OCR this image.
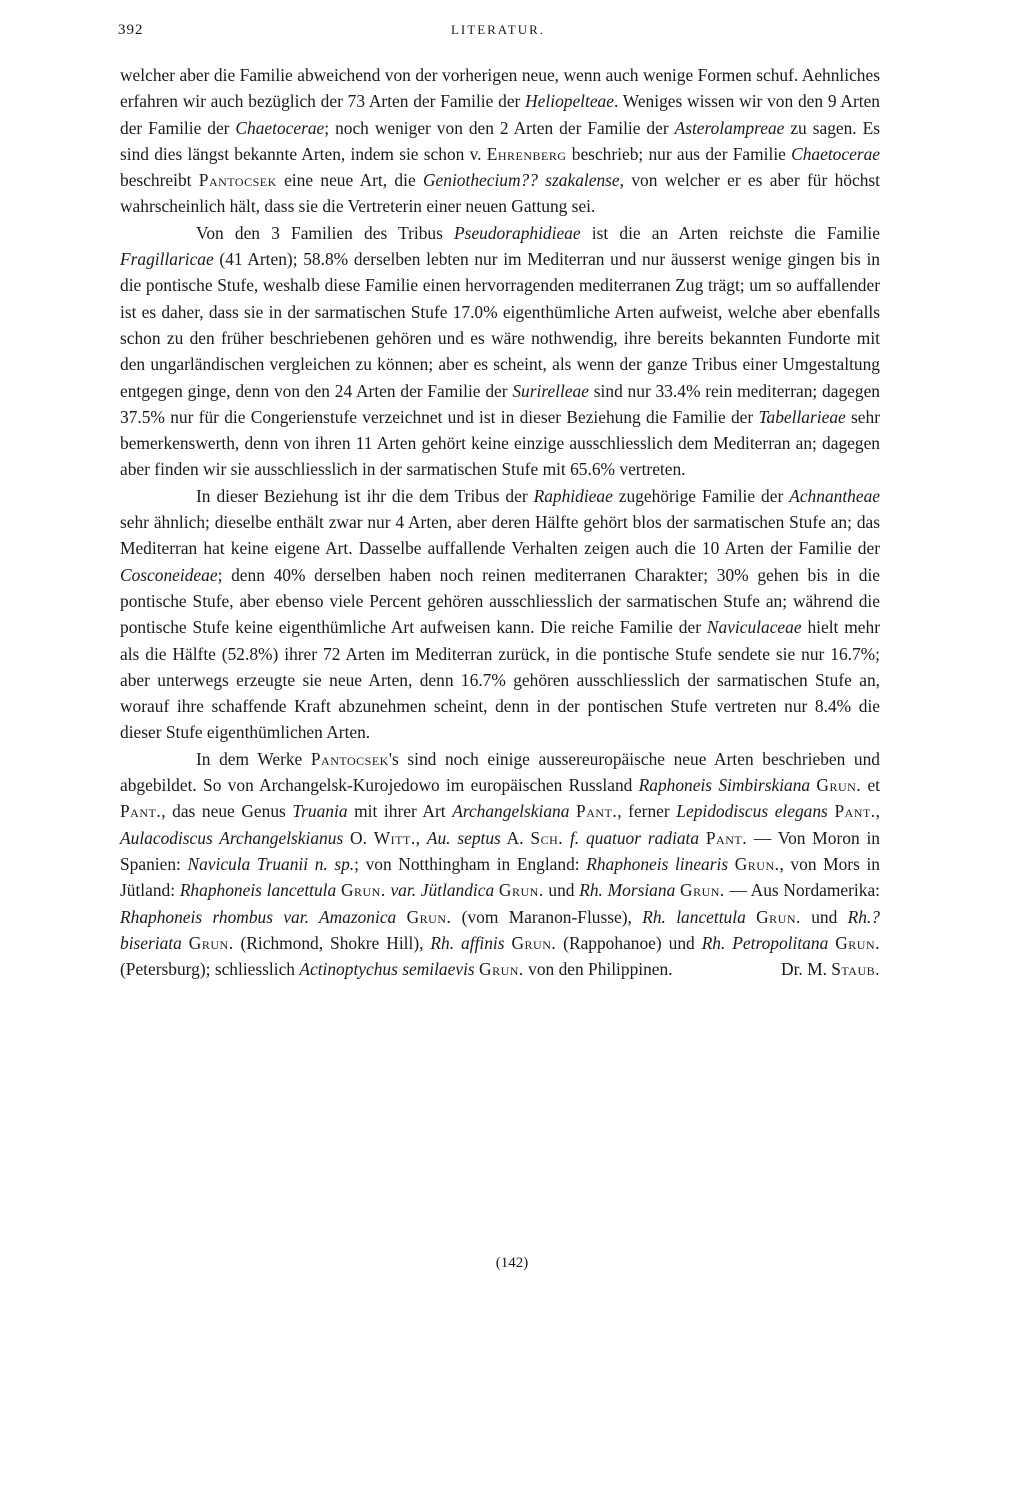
392	LITERATUR.

welcher aber die Familie abweichend von der vorherigen neue, wenn auch wenige Formen schuf. Aehnliches erfahren wir auch bezüglich der 73 Arten der Familie der Heliopelteae. Weniges wissen wir von den 9 Arten der Familie der Chaetoceraе; noch weniger von den 2 Arten der Familie der Asterolampreae zu sagen. Es sind dies längst bekannte Arten, indem sie schon v. Ehrenberg beschrieb; nur aus der Familie Chaetocerae beschreibt Pantocsek eine neue Art, die Geniothecium?? szakalense, von welcher er es aber für höchst wahrscheinlich hält, dass sie die Vertreterin einer neuen Gattung sei.

Von den 3 Familien des Tribus Pseudoraphidieae ist die an Arten reichste die Familie Fragillaricae (41 Arten); 58.8% derselben lebten nur im Mediterran und nur äusserst wenige gingen bis in die pontische Stufe, weshalb diese Familie einen hervorragenden mediterranen Zug trägt; um so auffallender ist es daher, dass sie in der sarmatischen Stufe 17.0% eigenthümliche Arten aufweist, welche aber ebenfalls schon zu den früher beschriebenen gehören und es wäre nothwendig, ihre bereits bekannten Fundorte mit den ungarländischen vergleichen zu können; aber es scheint, als wenn der ganze Tribus einer Umgestaltung entgegen ginge, denn von den 24 Arten der Familie der Surirelleae sind nur 33.4% rein mediterran; dagegen 37.5% nur für die Congerienstufe verzeichnet und ist in dieser Beziehung die Familie der Tabellarieae sehr bemerkenswerth, denn von ihren 11 Arten gehört keine einzige ausschliesslich dem Mediterran an; dagegen aber finden wir sie ausschliesslich in der sarmatischen Stufe mit 65.6% vertreten.

In dieser Beziehung ist ihr die dem Tribus der Raphidieae zugehörige Familie der Achnantheae sehr ähnlich; dieselbe enthält zwar nur 4 Arten, aber deren Hälfte gehört blos der sarmatischen Stufe an; das Mediterran hat keine eigene Art. Dasselbe auffallende Verhalten zeigen auch die 10 Arten der Familie der Cosconeideae; denn 40% derselben haben noch reinen mediterranen Charakter; 30% gehen bis in die pontische Stufe, aber ebenso viele Percent gehören ausschliesslich der sarmatischen Stufe an; während die pontische Stufe keine eigenthümliche Art aufweisen kann. Die reiche Familie der Naviculaceae hielt mehr als die Hälfte (52.8%) ihrer 72 Arten im Mediterran zurück, in die pontische Stufe sendete sie nur 16.7%; aber unterwegs erzeugte sie neue Arten, denn 16.7% gehören ausschliesslich der sarmatischen Stufe an, worauf ihre schaffende Kraft abzunehmen scheint, denn in der pontischen Stufe vertreten nur 8.4% die dieser Stufe eigenthümlichen Arten.

In dem Werke Pantocsek's sind noch einige aussereuropäische neue Arten beschrieben und abgebildet. So von Archangelsk-Kurojedowo im europäischen Russland Raphoneis Simbirskiana Grun. et Pant., das neue Genus Truania mit ihrer Art Archangelskiana Pant., ferner Lepidodiscus elegans Pant., Aulacodiscus Archangelskianus O. Witt., Au. septus A. Sch. f. quatuor radiata Pant. — Von Moron in Spanien: Navicula Truanii n. sp.; von Notthingham in England: Rhaphoneis linearis Grun., von Mors in Jütland: Rhaphoneis lancettula Grun. var. Jütlandica Grun. und Rh. Morsiana Grun. — Aus Nordamerika: Rhaphoneis rhombus var. Amazonica Grun. (vom Maranon-Flusse), Rh. lancettula Grun. und Rh.? biseriata Grun. (Richmond, Shokre Hill), Rh. affinis Grun. (Rappohanoe) und Rh. Petropolitana Grun. (Petersburg); schliesslich Actinoptychus semilaevis Grun. von den Philippinen.	Dr. M. Staub.

(142)
